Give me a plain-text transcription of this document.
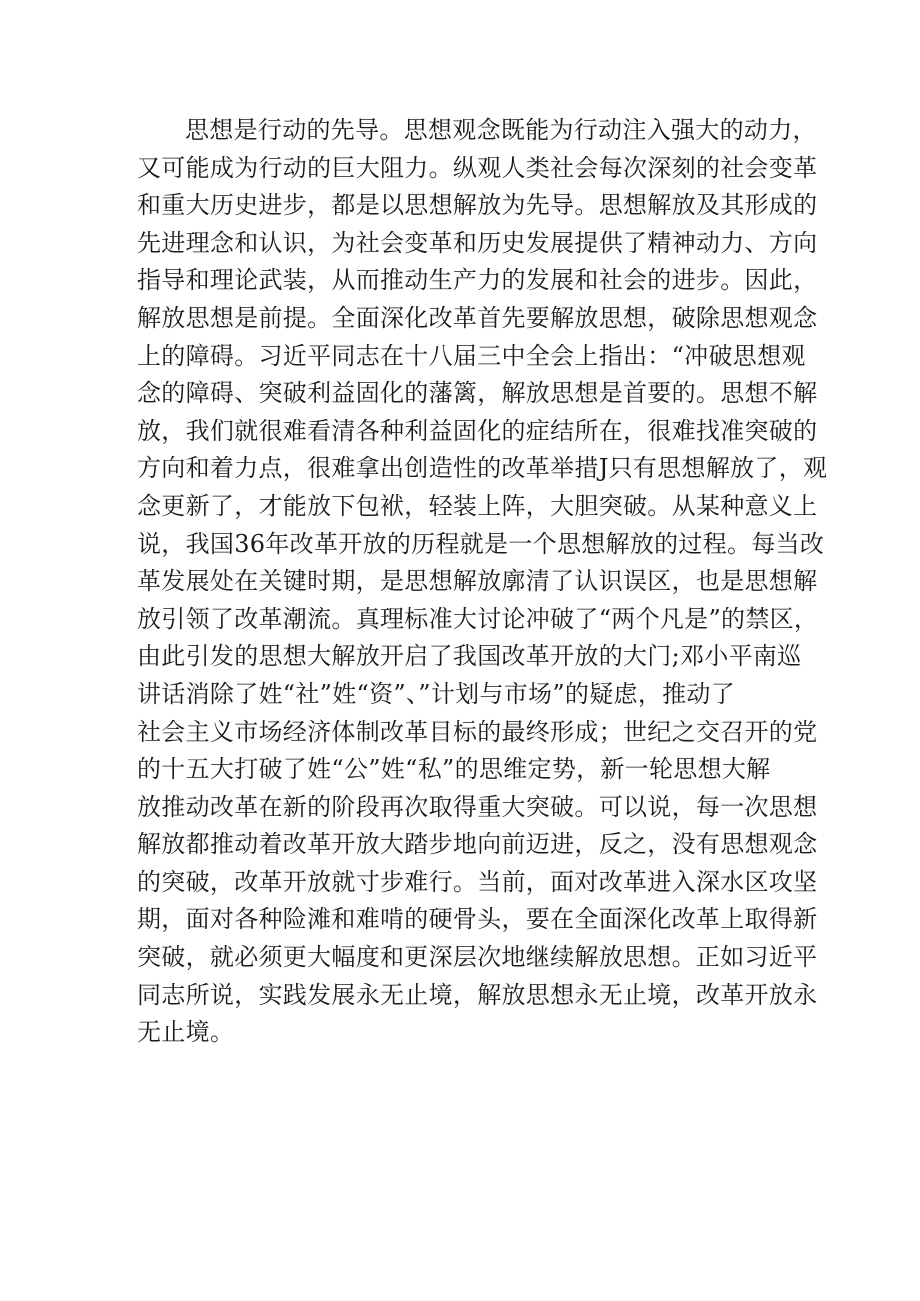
思想是行动的先导。思想观念既能为行动注入强大的动力，
又可能成为行动的巨大阻力。纵观人类社会每次深刻的社会变革
和重大历史进步，都是以思想解放为先导。思想解放及其形成的
先进理念和认识，为社会变革和历史发展提供了精神动力、方向
指导和理论武装，从而推动生产力的发展和社会的进步。因此，
解放思想是前提。全面深化改革首先要解放思想，破除思想观念
上的障碍。习近平同志在十八届三中全会上指出：“冲破思想观
念的障碍、突破利益固化的藩篱，解放思想是首要的。思想不解
放，我们就很难看清各种利益固化的症结所在，很难找准突破的
方向和着力点，很难拿出创造性的改革举措J只有思想解放了，观
念更新了，才能放下包袱，轻装上阵，大胆突破。从某种意义上
说，我国36年改革开放的历程就是一个思想解放的过程。每当改
革发展处在关键时期，是思想解放廓清了认识误区，也是思想解
放引领了改革潮流。真理标准大讨论冲破了“两个凡是”的禁区，
由此引发的思想大解放开启了我国改革开放的大门;邓小平南巡
讲话消除了姓“社”姓“资”、”计划与市场”的疑虑，推动了
社会主义市场经济体制改革目标的最终形成；世纪之交召开的党
的十五大打破了姓“公”姓“私”的思维定势，新一轮思想大解
放推动改革在新的阶段再次取得重大突破。可以说，每一次思想
解放都推动着改革开放大踏步地向前迈进，反之，没有思想观念
的突破，改革开放就寸步难行。当前，面对改革进入深水区攻坚
期，面对各种险滩和难啃的硬骨头，要在全面深化改革上取得新
突破，就必须更大幅度和更深层次地继续解放思想。正如习近平
同志所说，实践发展永无止境，解放思想永无止境，改革开放永
无止境。
